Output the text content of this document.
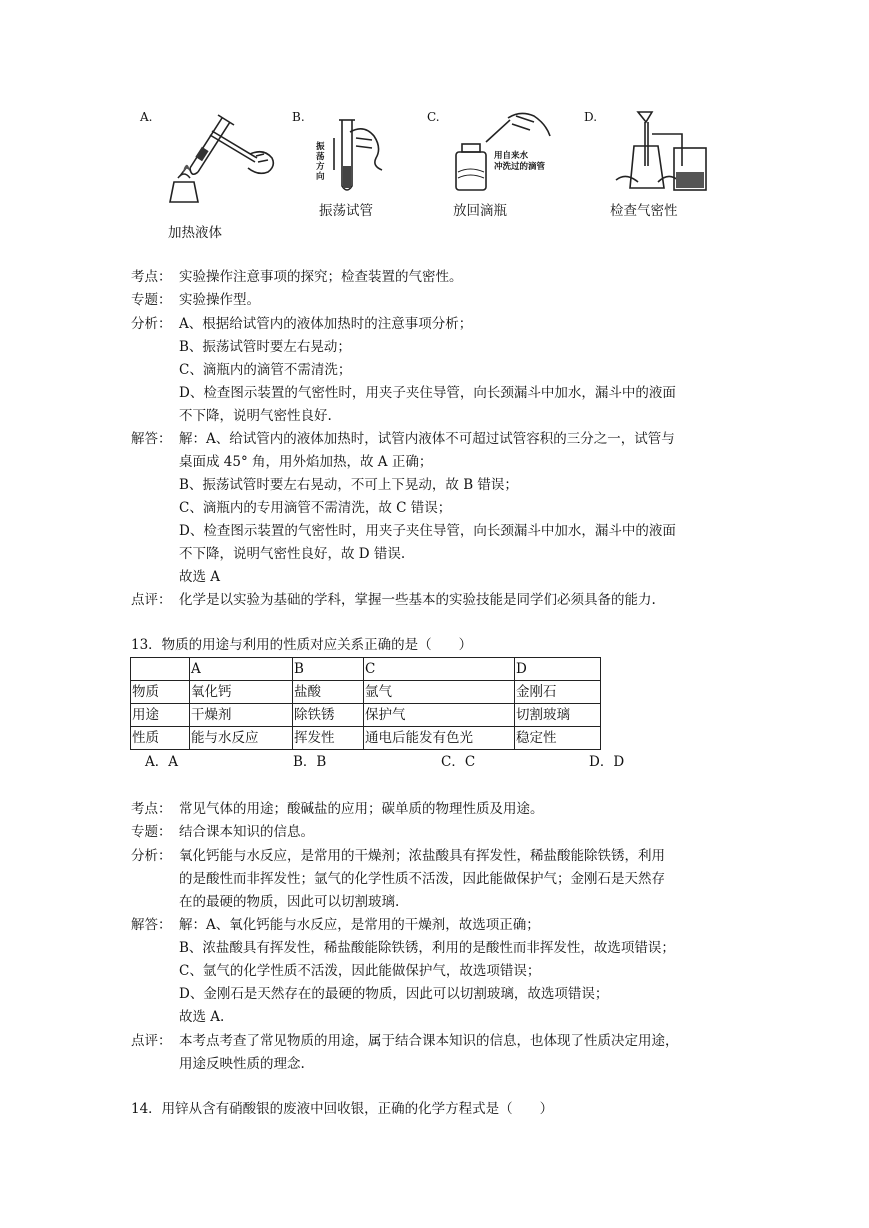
A.
加热液体
B.
振荡方向
振荡试管
C.
用自来水
冲洗过的滴管
放回滴瓶
D.
检查气密性
考点： 实验操作注意事项的探究；检查装置的气密性。
专题： 实验操作型。
分析： A、根据给试管内的液体加热时的注意事项分析；
B、振荡试管时要左右晃动；
C、滴瓶内的滴管不需清洗；
D、检查图示装置的气密性时，用夹子夹住导管，向长颈漏斗中加水，漏斗中的液面
不下降，说明气密性良好.
解答： 解：A、给试管内的液体加热时，试管内液体不可超过试管容积的三分之一，试管与
桌面成 45° 角，用外焰加热，故 A 正确；
B、振荡试管时要左右晃动，不可上下晃动，故 B 错误；
C、滴瓶内的专用滴管不需清洗，故 C 错误；
D、检查图示装置的气密性时，用夹子夹住导管，向长颈漏斗中加水，漏斗中的液面
不下降，说明气密性良好，故 D 错误.
故选 A
点评： 化学是以实验为基础的学科，掌握一些基本的实验技能是同学们必须具备的能力.
13．物质的用途与利用的性质对应关系正确的是（　　）
	A	B	C	D
物质	氧化钙	盐酸	氩气	金刚石
用途	干燥剂	除铁锈	保护气	切割玻璃
性质	能与水反应	挥发性	通电后能发有色光	稳定性
A．A	B．B	C．C	D．D
考点： 常见气体的用途；酸碱盐的应用；碳单质的物理性质及用途。
专题： 结合课本知识的信息。
分析： 氧化钙能与水反应，是常用的干燥剂；浓盐酸具有挥发性，稀盐酸能除铁锈，利用
的是酸性而非挥发性；氩气的化学性质不活泼，因此能做保护气；金刚石是天然存
在的最硬的物质，因此可以切割玻璃.
解答： 解：A、氧化钙能与水反应，是常用的干燥剂，故选项正确；
B、浓盐酸具有挥发性，稀盐酸能除铁锈，利用的是酸性而非挥发性，故选项错误；
C、氩气的化学性质不活泼，因此能做保护气，故选项错误；
D、金刚石是天然存在的最硬的物质，因此可以切割玻璃，故选项错误；
故选 A.
点评： 本考点考查了常见物质的用途，属于结合课本知识的信息，也体现了性质决定用途，
用途反映性质的理念.
14．用锌从含有硝酸银的废液中回收银，正确的化学方程式是（　　）
